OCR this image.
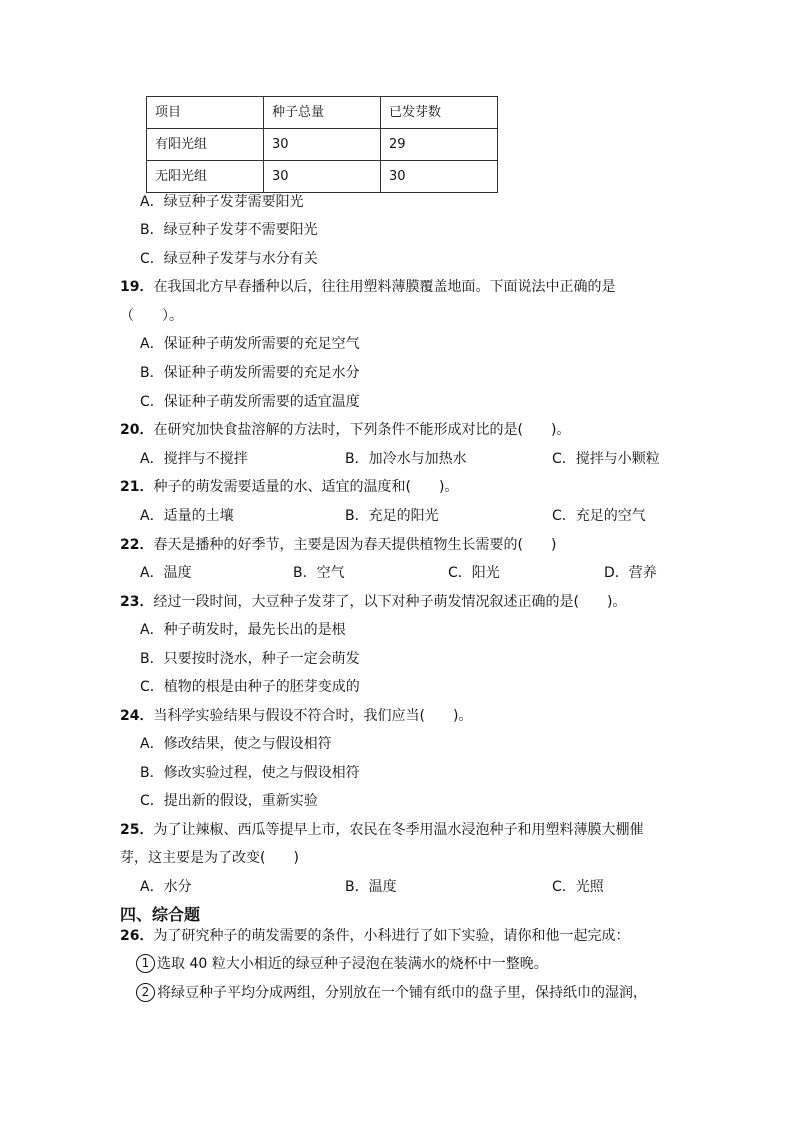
项目	种子总量	已发芽数
有阳光组	30	29
无阳光组	30	30
A．绿豆种子发芽需要阳光
B．绿豆种子发芽不需要阳光
C．绿豆种子发芽与水分有关
19．在我国北方早春播种以后，往往用塑料薄膜覆盖地面。下面说法中正确的是
（　　）。
A．保证种子萌发所需要的充足空气
B．保证种子萌发所需要的充足水分
C．保证种子萌发所需要的适宜温度
20．在研究加快食盐溶解的方法时，下列条件不能形成对比的是(　　)。
A．搅拌与不搅拌	B．加冷水与加热水	C．搅拌与小颗粒
21．种子的萌发需要适量的水、适宜的温度和(　　)。
A．适量的土壤	B．充足的阳光	C．充足的空气
22．春天是播种的好季节，主要是因为春天提供植物生长需要的(　　)
A．温度	B．空气	C．阳光	D．营养
23．经过一段时间，大豆种子发芽了，以下对种子萌发情况叙述正确的是(　　)。
A．种子萌发时，最先长出的是根
B．只要按时浇水，种子一定会萌发
C．植物的根是由种子的胚芽变成的
24．当科学实验结果与假设不符合时，我们应当(　　)。
A．修改结果，使之与假设相符
B．修改实验过程，使之与假设相符
C．提出新的假设，重新实验
25．为了让辣椒、西瓜等提早上市，农民在冬季用温水浸泡种子和用塑料薄膜大棚催
芽，这主要是为了改变(　　)
A．水分	B．温度	C．光照
四、综合题
26．为了研究种子的萌发需要的条件，小科进行了如下实验，请你和他一起完成：
1 选取 40 粒大小相近的绿豆种子浸泡在装满水的烧杯中一整晚。
2 将绿豆种子平均分成两组，分别放在一个铺有纸巾的盘子里，保持纸巾的湿润，
